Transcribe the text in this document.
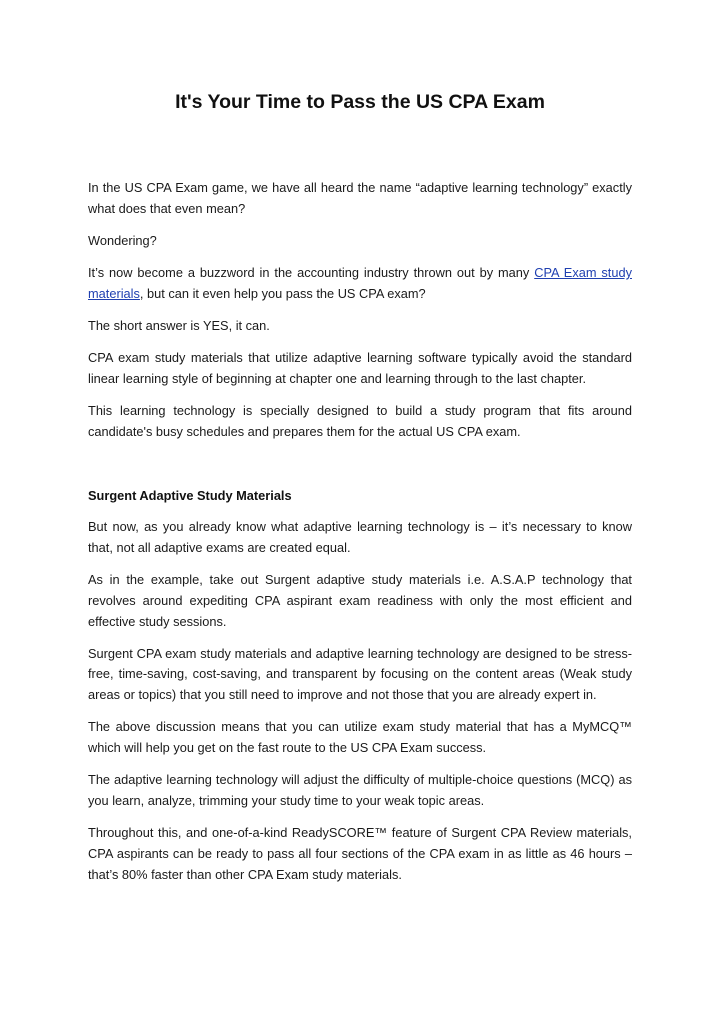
It's Your Time to Pass the US CPA Exam

In the US CPA Exam game, we have all heard the name “adaptive learning technology” exactly what does that even mean?

Wondering?

It’s now become a buzzword in the accounting industry thrown out by many CPA Exam study materials, but can it even help you pass the US CPA exam?

The short answer is YES, it can.

CPA exam study materials that utilize adaptive learning software typically avoid the standard linear learning style of beginning at chapter one and learning through to the last chapter.

This learning technology is specially designed to build a study program that fits around candidate's busy schedules and prepares them for the actual US CPA exam.

Surgent Adaptive Study Materials

But now, as you already know what adaptive learning technology is – it’s necessary to know that, not all adaptive exams are created equal.

As in the example, take out Surgent adaptive study materials i.e. A.S.A.P technology that revolves around expediting CPA aspirant exam readiness with only the most efficient and effective study sessions.

Surgent CPA exam study materials and adaptive learning technology are designed to be stress-free, time-saving, cost-saving, and transparent by focusing on the content areas (Weak study areas or topics) that you still need to improve and not those that you are already expert in.

The above discussion means that you can utilize exam study material that has a MyMCQ™ which will help you get on the fast route to the US CPA Exam success.

The adaptive learning technology will adjust the difficulty of multiple-choice questions (MCQ) as you learn, analyze, trimming your study time to your weak topic areas.

Throughout this, and one-of-a-kind ReadySCORE™ feature of Surgent CPA Review materials, CPA aspirants can be ready to pass all four sections of the CPA exam in as little as 46 hours – that’s 80% faster than other CPA Exam study materials.
